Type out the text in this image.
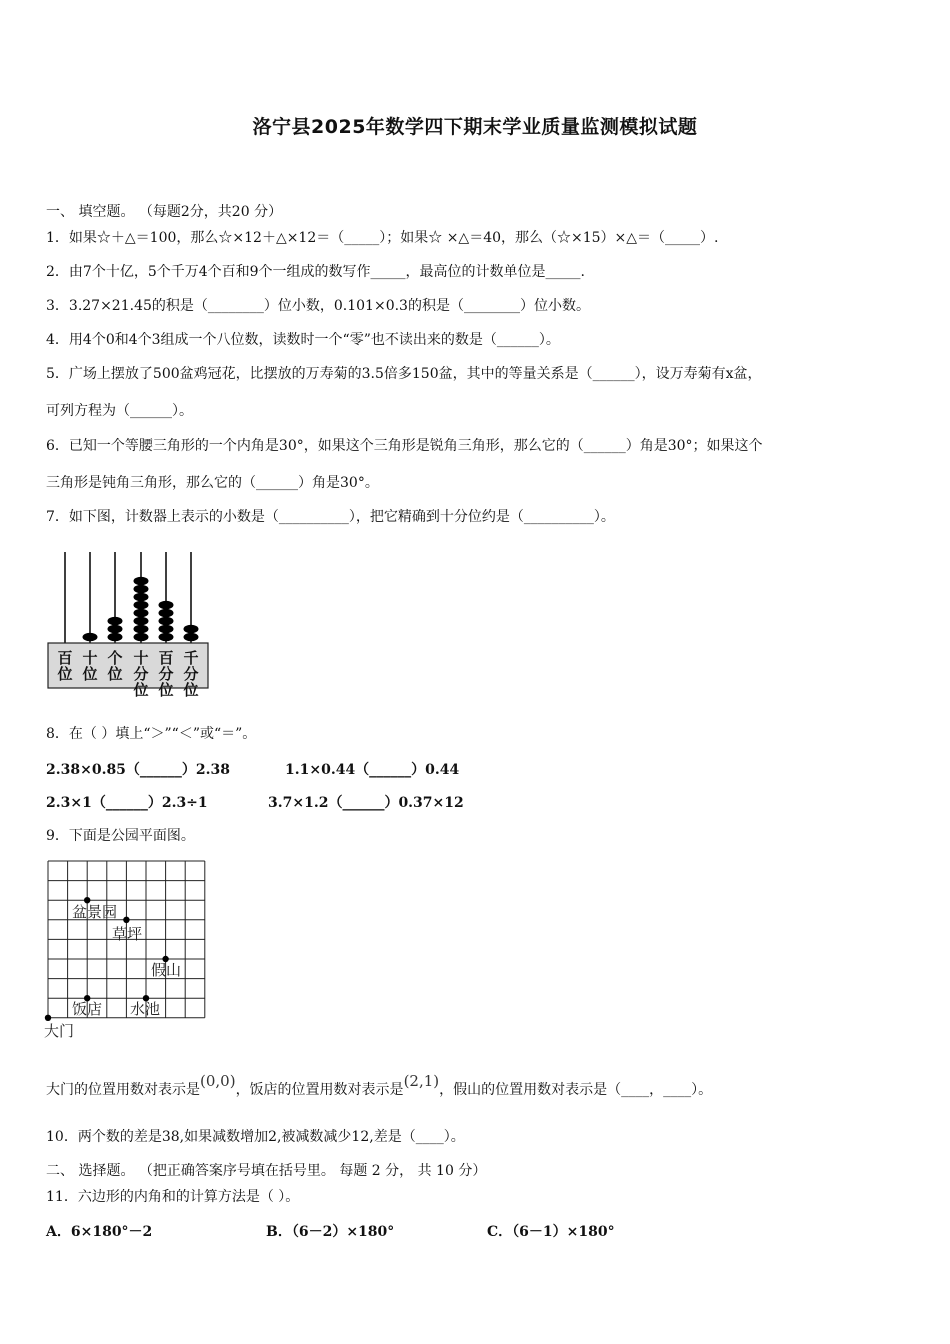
洛宁县2025年数学四下期末学业质量监测模拟试题
一、 填空题。 （每题2分，共20 分）
1．如果☆＋△＝100，那么☆×12＋△×12＝（_____）；如果☆ ×△＝40，那么（☆×15）×△＝（_____）.
2．由7个十亿，5个千万4个百和9个一组成的数写作_____，最高位的计数单位是_____.
3．3.27×21.45的积是（________）位小数，0.101×0.3的积是（________）位小数。
4．用4个0和4个3组成一个八位数，读数时一个“零”也不读出来的数是（______）。
5．广场上摆放了500盆鸡冠花，比摆放的万寿菊的3.5倍多150盆，其中的等量关系是（______），设万寿菊有x盆，
可列方程为（______）。
6．已知一个等腰三角形的一个内角是30°，如果这个三角形是锐角三角形，那么它的（______）角是30°；如果这个
三角形是钝角三角形，那么它的（______）角是30°。
7．如下图，计数器上表示的小数是（__________），把它精确到十分位约是（__________）。
百
位
十
位
个
位
十
分
位
百
分
位
千
分
位
8．在（ ）填上“＞”“＜”或“＝”。
2.38×0.85（______）2.38	1.1×0.44（______）0.44
2.3×1（______）2.3÷1	3.7×1.2（______）0.37×12
9．下面是公园平面图。
盆景园
草坪
假山
饭店 水池
大门
大门的位置用数对表示是(0,0)，饭店的位置用数对表示是(2,1)，假山的位置用数对表示是（____，____）。
10．两个数的差是38,如果减数增加2,被减数减少12,差是（____）。
二、 选择题。 （把正确答案序号填在括号里。 每题 2 分， 共 10 分）
11．六边形的内角和的计算方法是（ ）。
A．6×180°－2	B．（6－2）×180°	C．（6－1）×180°
